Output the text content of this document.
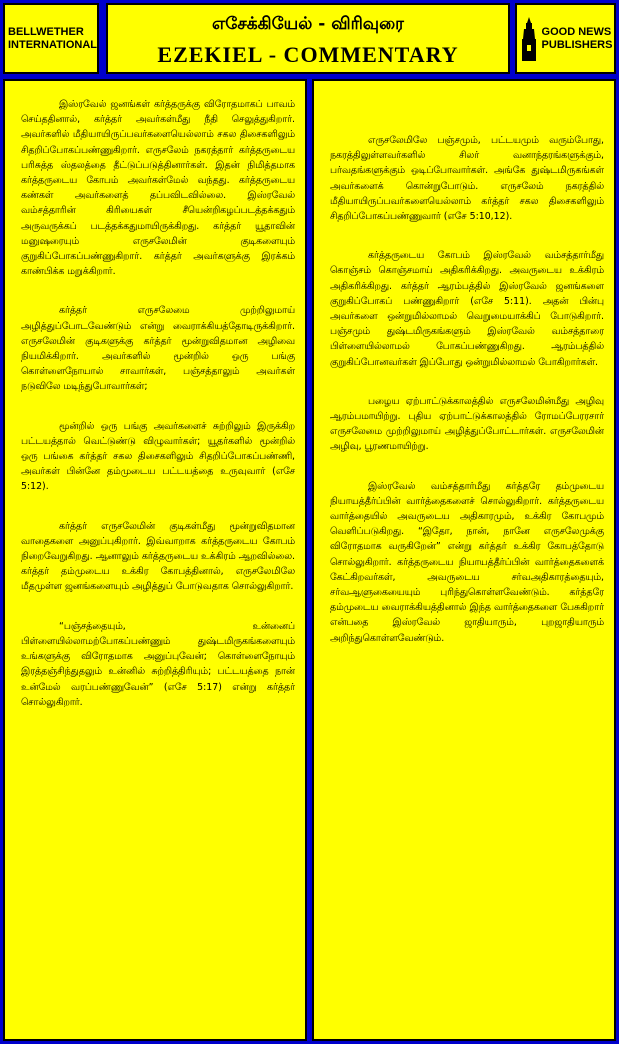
BELLWETHER
INTERNATIONAL
எசேக்கியேல் - விரிவுரை
EZEKIEL - COMMENTARY
GOOD NEWS
PUBLISHERS

இஸ்ரவேல் ஜனங்கள் கர்த்தருக்கு விரோதமாகப் பாவம் செய்ததினால், கர்த்தர் அவர்கள்மீது நீதி செலுத்துகிறார். அவர்களில் மீதியாயிருப்பவர்களையெல்லாம் சகல திசைகளிலும் சிதறிப்போகப்பண்ணுகிறார். எருசலேம் நகரத்தார் கர்த்தருடைய பரிசுத்த ஸ்தலத்தை தீட்டுப்படுத்தினார்கள். இதன் நிமித்தமாக கர்த்தருடைய கோபம் அவர்கள்மேல் வந்தது. கர்த்தருடைய கண்கள் அவர்களைத் தப்பவிடவில்லை. இஸ்ரவேல் வம்சத்தாரின் கிரியைகள் சீயென்றிகழப்படத்தக்கதும் அருவருக்கப் படத்தக்கதுமாயிருக்கிறது. கர்த்தர் யூதாவின் மனுஷரையும் எருசலேமின் குடிகளையும் குறுகிப்போகப்பண்ணுகிறார். கர்த்தர் அவர்களுக்கு இரக்கம் காண்பிக்க மறுக்கிறார்.

கர்த்தர் எருசலேமை முற்றிலுமாய் அழித்துப்போடவேண்டும் என்று வைராக்கியத்தோடிருக்கிறார். எருசலேமின் குடிகளுக்கு கர்த்தர் மூன்றுவிதமான அழிவை நியமிக்கிறார். அவர்களில் மூன்றில் ஒரு பங்கு கொள்ளைநோயால் சாவார்கள், பஞ்சத்தாலும் அவர்கள் நடுவிலே மடிந்துபோவார்கள்;

மூன்றில் ஒரு பங்கு அவர்களைச் சுற்றிலும் இருக்கிற பட்டயத்தால் வெட்டுண்டு விழுவார்கள்; யூதர்களில் மூன்றில் ஒரு பங்கை கர்த்தர் சகல திசைகளிலும் சிதறிப்போகப்பண்ணி, அவர்கள் பின்னே தம்முடைய பட்டயத்தை உருவுவார் (எசே 5:12).

கர்த்தர் எருசலேமின் குடிகள்மீது மூன்றுவிதமான வாதைகளை அனுப்புகிறார். இவ்வாறாக கர்த்தருடைய கோபம் நிறைவேறுகிறது. ஆனாலும் கர்த்தருடைய உக்கிரம் ஆறவில்லை. கர்த்தர் தம்முடைய உக்கிர கோபத்தினால், எருசலேமிலே மீதமுள்ள ஜனங்களையும் அழித்துப் போடுவதாக சொல்லுகிறார்.

“பஞ்சத்தையும், உன்னைப் பிள்ளையில்லாமற்போகப்பண்ணும் துஷ்டமிருகங்களையும் உங்களுக்கு விரோதமாக அனுப்புவேன்; கொள்ளைநோயும் இரத்தஞ்சிந்துதலும் உன்னில் சுற்றித்திரியும்; பட்டயத்தை நான் உன்மேல் வரப்பண்ணுவேன்” (எசே 5:17) என்று கர்த்தர் சொல்லுகிறார்.

எருசலேமிலே பஞ்சமும், பட்டயமும் வரும்போது, நகரத்திலுள்ளவர்களில் சிலர் வனாந்தரங்களுக்கும், பர்வதங்களுக்கும் ஒடிப்போவார்கள். அங்கே துஷ்டமிருகங்கள் அவர்களைக் கொன்றுபோடும். எருசலேம் நகரத்தில் மீதியாயிருப்பவர்களையெல்லாம் கர்த்தர் சகல திசைகளிலும் சிதறிப்போகப்பண்ணுவார் (எசே 5:10,12).

கர்த்தருடைய கோபம் இஸ்ரவேல் வம்சத்தார்மீது கொஞ்சம் கொஞ்சமாய் அதிகரிக்கிறது. அவருடைய உக்கிரம் அதிகரிக்கிறது. கர்த்தர் ஆரம்பத்தில் இஸ்ரவேல் ஜனங்களை குறுகிப்போகப் பண்ணுகிறார் (எசே 5:11). அதன் பின்பு அவர்களை ஒன்றுமில்லாமல் வெறுமையாக்கிப் போடுகிறார். பஞ்சமும் துஷ்டமிருகங்களும் இஸ்ரவேல் வம்சத்தாரை பிள்ளையில்லாமல் போகப்பண்ணுகிறது. ஆரம்பத்தில் குறுகிப்போனவர்கள் இப்போது ஒன்றுமில்லாமல் போகிறார்கள்.

பழைய ஏற்பாட்டுக்காலத்தில் எருசலேமின்மீது அழிவு ஆரம்பமாயிற்று. புதிய ஏற்பாட்டுக்காலத்தில் ரோமப்பேரரசார் எருசலேமை முற்றிலுமாய் அழித்துப்போட்டார்கள். எருசலேமின் அழிவு, பூரணமாயிற்று.

இஸ்ரவேல் வம்சத்தார்மீது கர்த்தரே தம்முடைய நியாயத்தீர்ப்பின் வார்த்தைகளைச் சொல்லுகிறார். கர்த்தருடைய வார்த்தையில் அவருடைய அதிகாரமும், உக்கிர கோபமும் வெளிப்படுகிறது. “இதோ, நான், நானே எருசலேமுக்கு விரோதமாக வருகிறேன்” என்று கர்த்தர் உக்கிர கோபத்தோடு சொல்லுகிறார். கர்த்தருடைய நியாயத்தீர்ப்பின் வார்த்தைகளைக் கேட்கிறவர்கள், அவருடைய சர்வஅதிகாரத்தையும், சர்வஆளுகையையும் புரிந்துகொள்ளவேண்டும். கர்த்தரே தம்முடைய வைராக்கியத்தினால் இந்த வார்த்தைகளை பேசுகிறார் என்பதை இஸ்ரவேல் ஜாதியாரும், புறஜாதியாரும் அறிந்துகொள்ளவேண்டும்.
